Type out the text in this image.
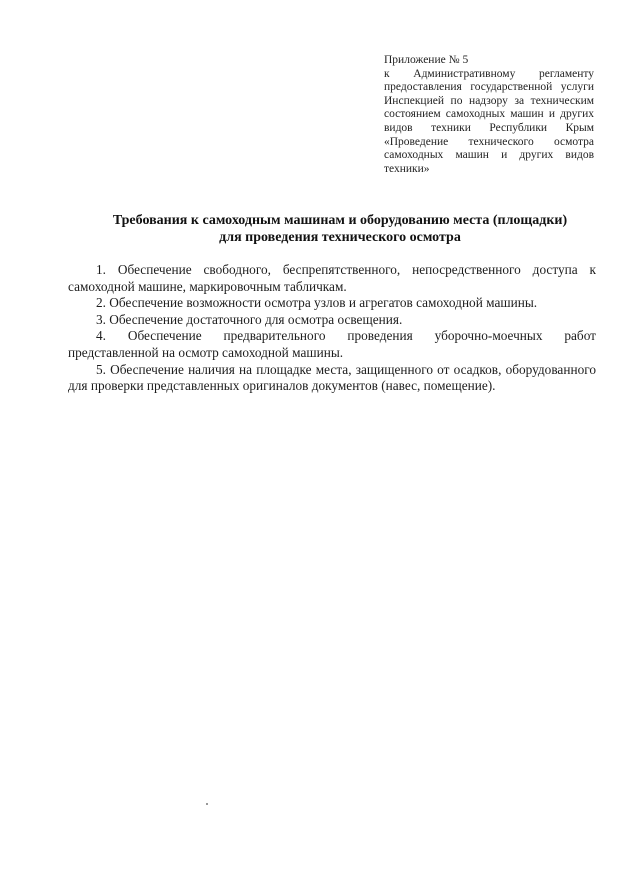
Приложение № 5
к Административному регламенту предоставления государственной услуги Инспекцией по надзору за техническим состоянием самоходных машин и других видов техники Республики Крым «Проведение технического осмотра самоходных машин и других видов техники»
Требования к самоходным машинам и оборудованию места (площадки)
для проведения технического осмотра
1. Обеспечение свободного, беспрепятственного, непосредственного доступа к самоходной машине, маркировочным табличкам.
2. Обеспечение возможности осмотра узлов и агрегатов самоходной машины.
3. Обеспечение достаточного для осмотра освещения.
4. Обеспечение предварительного проведения уборочно-моечных работ представленной на осмотр самоходной машины.
5. Обеспечение наличия на площадке места, защищенного от осадков, оборудованного для проверки представленных оригиналов документов (навес, помещение).
